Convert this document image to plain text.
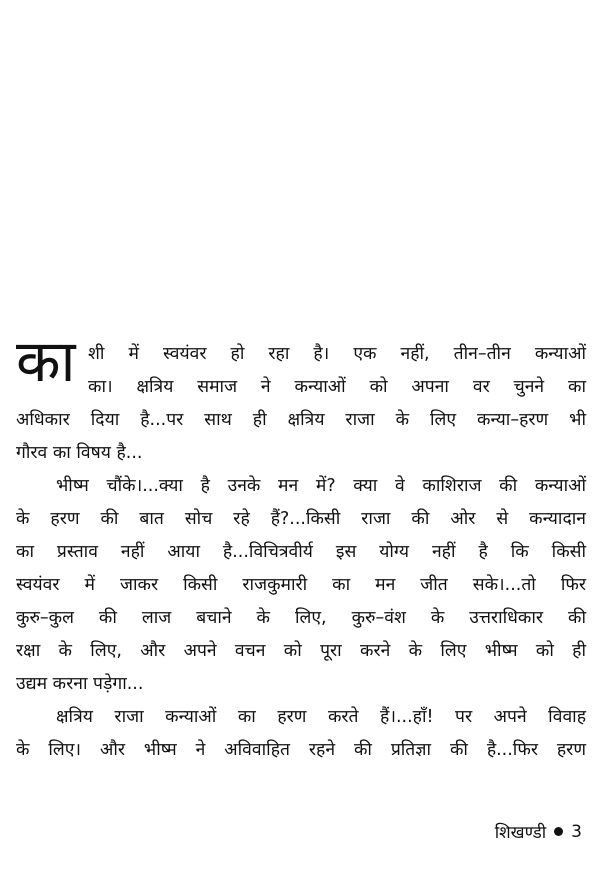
का शी में स्वयंवर हो रहा है। एक नहीं, तीन–तीन कन्याओं
का। क्षत्रिय समाज ने कन्याओं को अपना वर चुनने का
अधिकार दिया है...पर साथ ही क्षत्रिय राजा के लिए कन्या–हरण भी
गौरव का विषय है...
भीष्म चौंके।...क्या है उनके मन में? क्या वे काशिराज की कन्याओं
के हरण की बात सोच रहे हैं?...किसी राजा की ओर से कन्यादान
का प्रस्ताव नहीं आया है...विचित्रवीर्य इस योग्य नहीं है कि किसी
स्वयंवर में जाकर किसी राजकुमारी का मन जीत सके।...तो फिर
कुरु–कुल की लाज बचाने के लिए, कुरु–वंश के उत्तराधिकार की
रक्षा के लिए, और अपने वचन को पूरा करने के लिए भीष्म को ही
उद्यम करना पड़ेगा...
क्षत्रिय राजा कन्याओं का हरण करते हैं।...हाँ! पर अपने विवाह
के लिए। और भीष्म ने अविवाहित रहने की प्रतिज्ञा की है...फिर हरण
शिखण्डी 3
